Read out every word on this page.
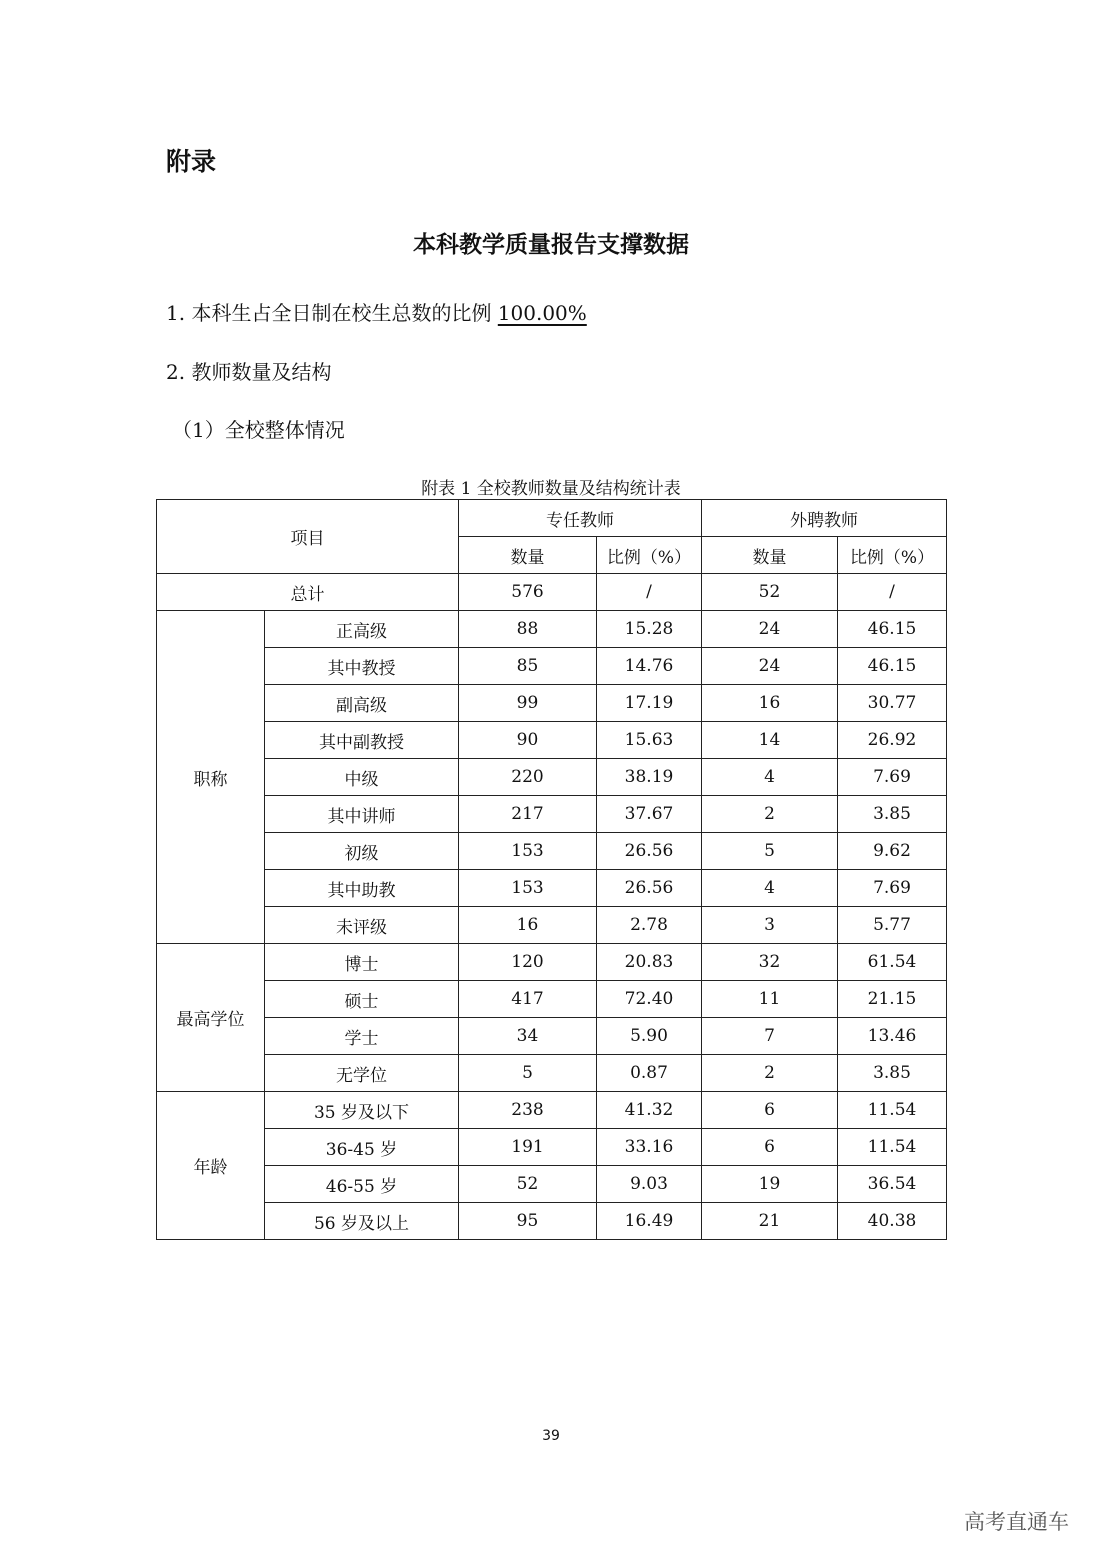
附录
本科教学质量报告支撑数据

1. 本科生占全日制在校生总数的比例 100.00%

2. 教师数量及结构

（1）全校整体情况

附表 1 全校教师数量及结构统计表
项目		专任教师		外聘教师	
		数量	比例（%）	数量	比例（%）
总计		576	/	52	/
职称	正高级	88	15.28	24	46.15
	其中教授	85	14.76	24	46.15
	副高级	99	17.19	16	30.77
	其中副教授	90	15.63	14	26.92
	中级	220	38.19	4	7.69
	其中讲师	217	37.67	2	3.85
	初级	153	26.56	5	9.62
	其中助教	153	26.56	4	7.69
	未评级	16	2.78	3	5.77
最高学位	博士	120	20.83	32	61.54
	硕士	417	72.40	11	21.15
	学士	34	5.90	7	13.46
	无学位	5	0.87	2	3.85
年龄	35 岁及以下	238	41.32	6	11.54
	36-45 岁	191	33.16	6	11.54
	46-55 岁	52	9.03	19	36.54
	56 岁及以上	95	16.49	21	40.38
39
高考直通车
